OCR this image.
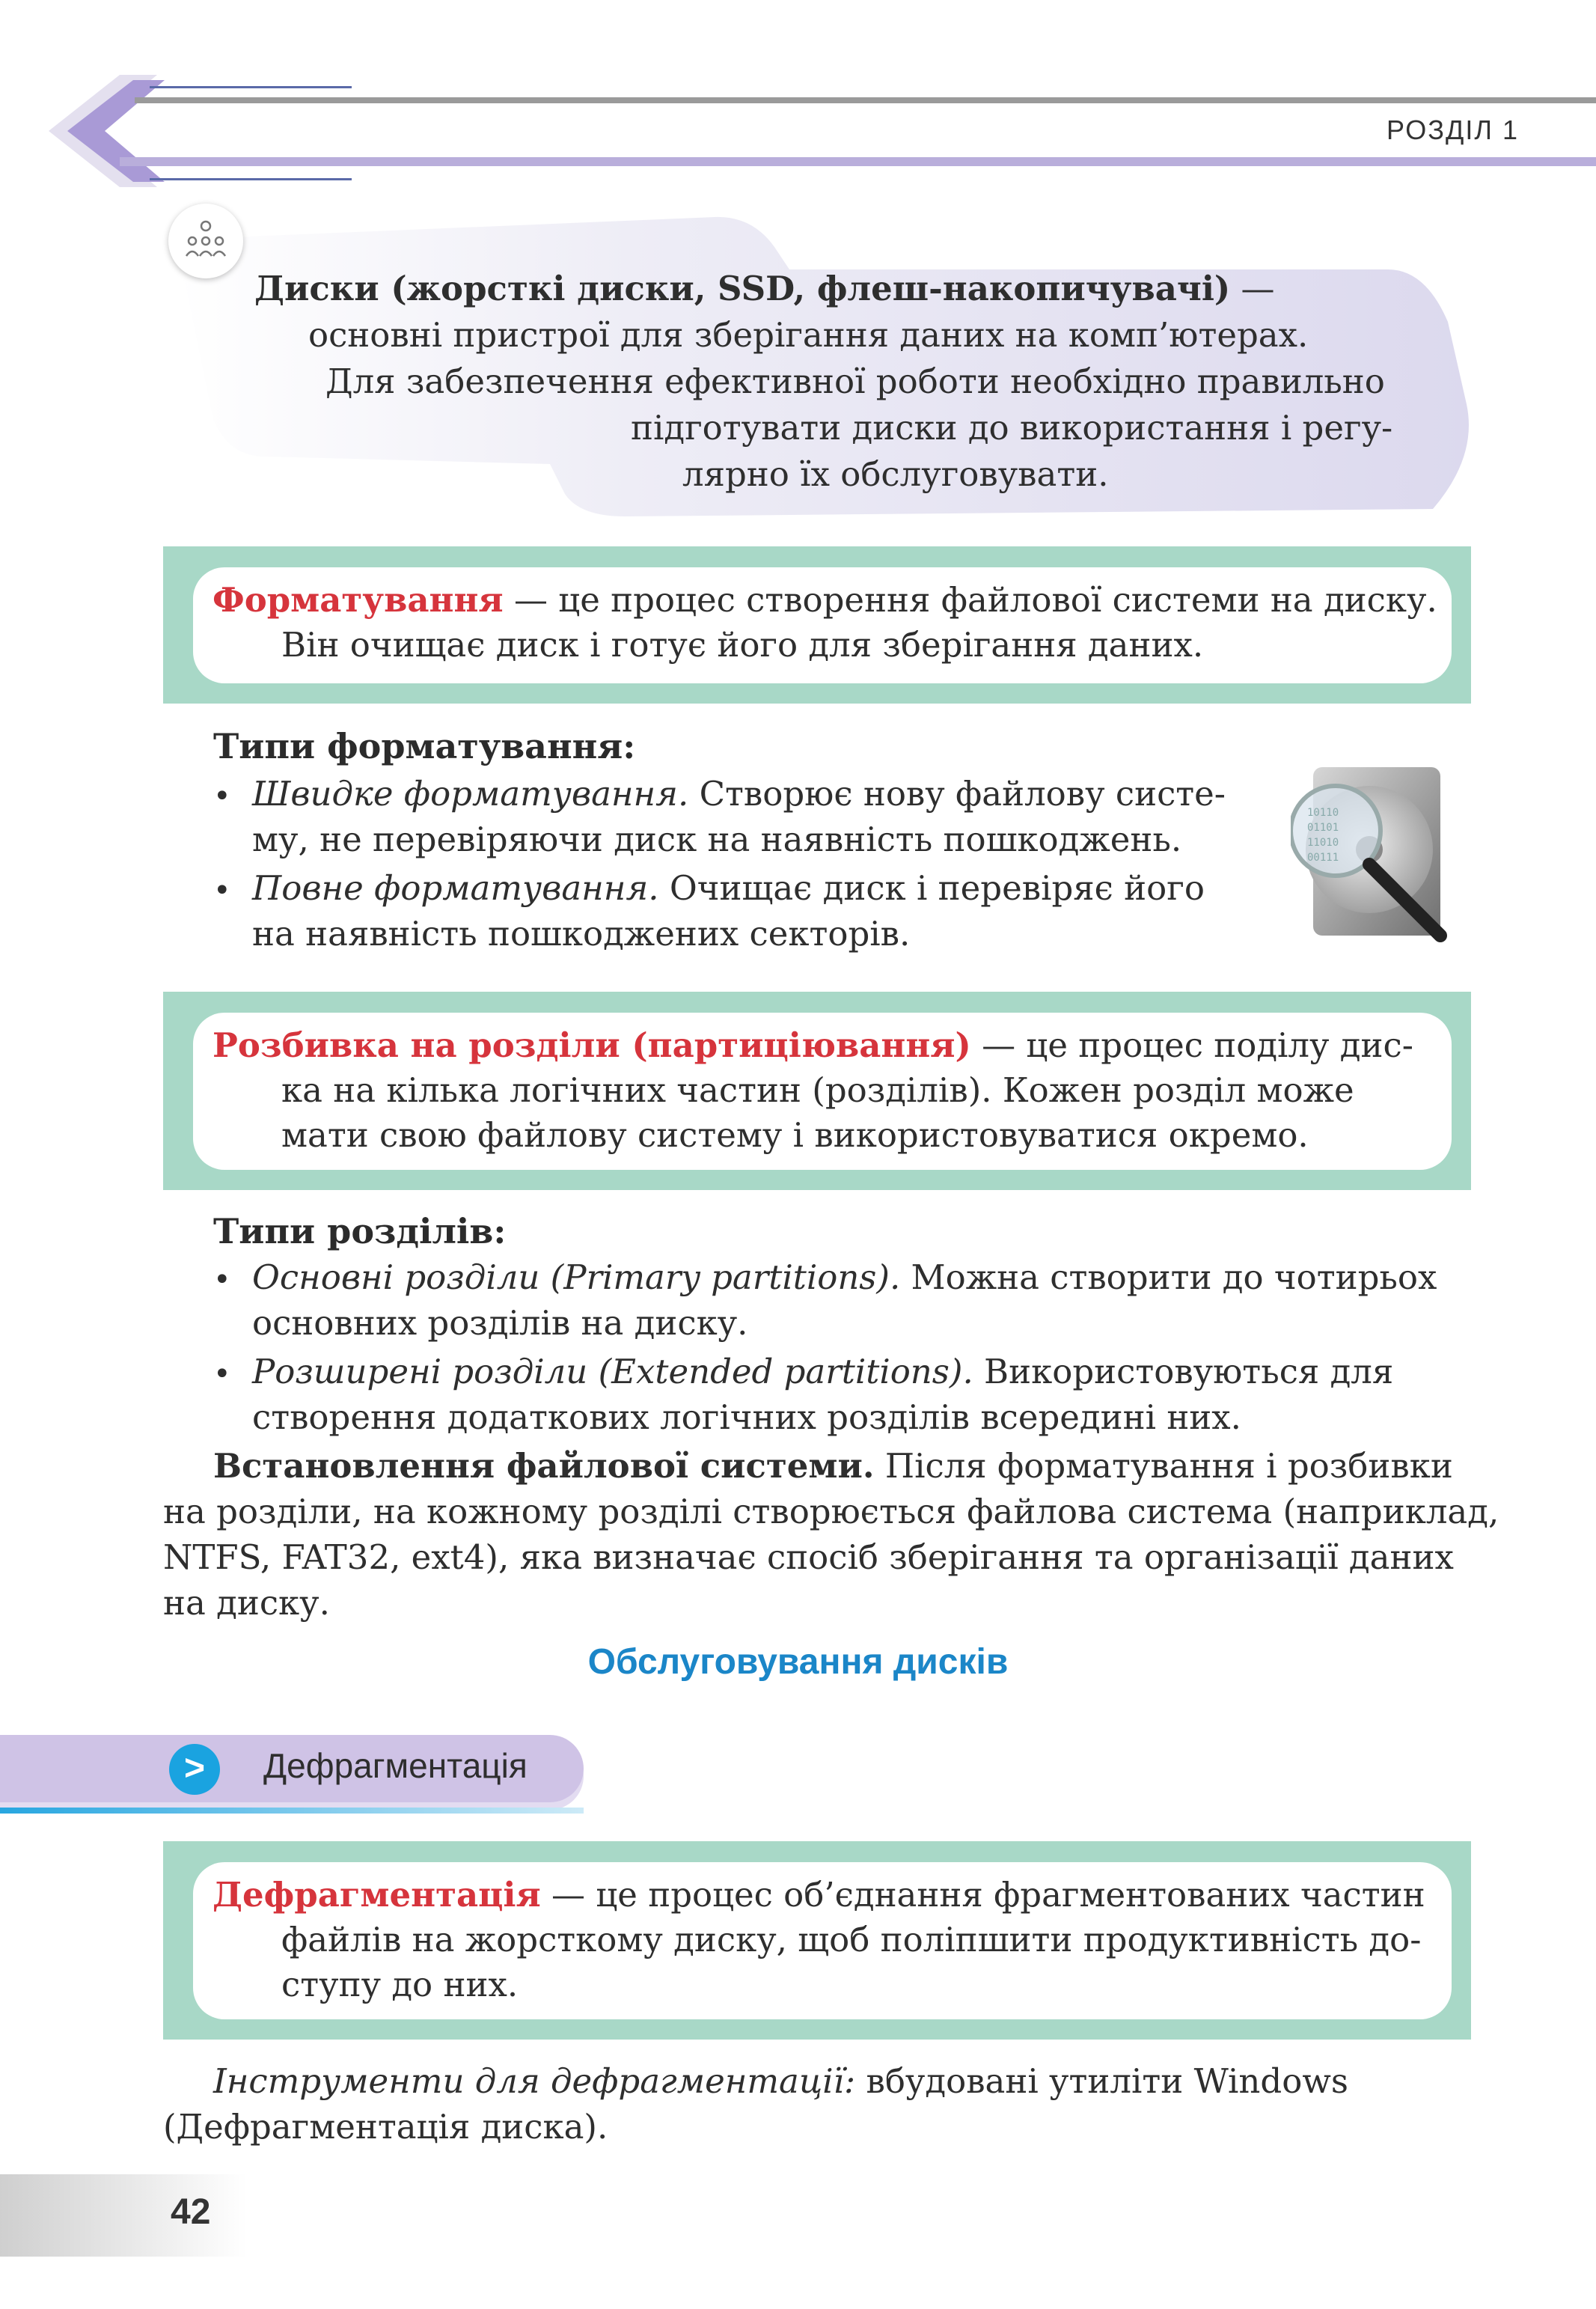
РОЗДІЛ 1
Диски (жорсткі диски, SSD, флеш-накопичувачі) —
основні пристрої для зберігання даних на комп’ютерах.
Для забезпечення ефективної роботи необхідно правильно
підготувати диски до використання і регу-
лярно їх обслуговувати.
Форматування — це процес створення файлової системи на диску.
Він очищає диск і готує його для зберігання даних.
Типи форматування:
• Швидке форматування. Створює нову файлову систе-
му, не перевіряючи диск на наявність пошкоджень.
• Повне форматування. Очищає диск і перевіряє його
на наявність пошкоджених секторів.
10110
01101
11010
00111
Розбивка на розділи (партиціювання) — це процес поділу дис-
ка на кілька логічних частин (розділів). Кожен розділ може
мати свою файлову систему і використовуватися окремо.
Типи розділів:
• Основні розділи (Primary partitions). Можна створити до чотирьох
основних розділів на диску.
• Розширені розділи (Extended partitions). Використовуються для
створення додаткових логічних розділів всередині них.
Встановлення файлової системи. Після форматування і розбивки
на розділи, на кожному розділі створюється файлова система (наприклад,
NTFS, FAT32, ext4), яка визначає спосіб зберігання та організації даних
на диску.
Обслуговування дисків
>	Дефрагментація
Дефрагментація — це процес об’єднання фрагментованих частин
файлів на жорсткому диску, щоб поліпшити продуктивність до-
ступу до них.
Інструменти для дефрагментації: вбудовані утиліти Windows
(Дефрагментація диска).
42
